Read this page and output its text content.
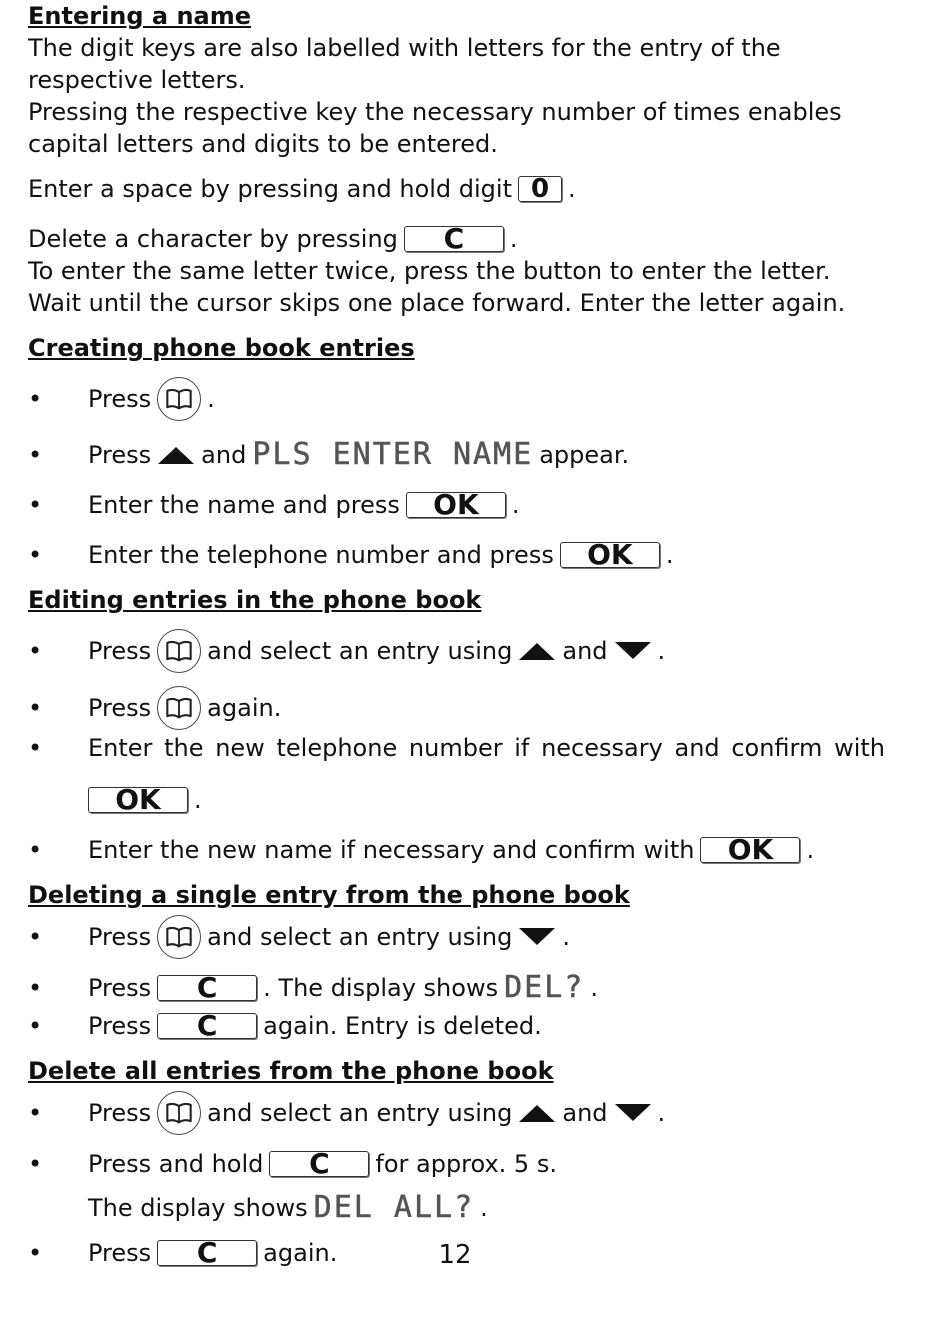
Entering a name

The digit keys are also labelled with letters for the entry of the respective letters.

Pressing the respective key the necessary number of times enables capital letters and digits to be entered.

Enter a space by pressing and hold digit 0 .
Delete a character by pressing	C	.

To enter the same letter twice, press the button to enter the letter.

Wait until the cursor skips one place forward. Enter the letter again.

Creating phone book entries

• Press .
• Press and PLS ENTER NAME appear.
• Enter the name and press	OK	.
• Enter the telephone number and press	OK	.

Editing entries in the phone book

• Press and select an entry using and .
• Press again.
• Enter the new telephone number if necessary and confirm with
OK	.
• Enter the new name if necessary and confirm with	OK	.

Deleting a single entry from the phone book

• Press and select an entry using .
• Press	C	. The display shows DEL? .
• Press	C	again. Entry is deleted.

Delete all entries from the phone book

• Press and select an entry using and .
• Press and hold	C	for approx. 5 s.
The display shows DEL ALL? .
• Press	C	again.	12
